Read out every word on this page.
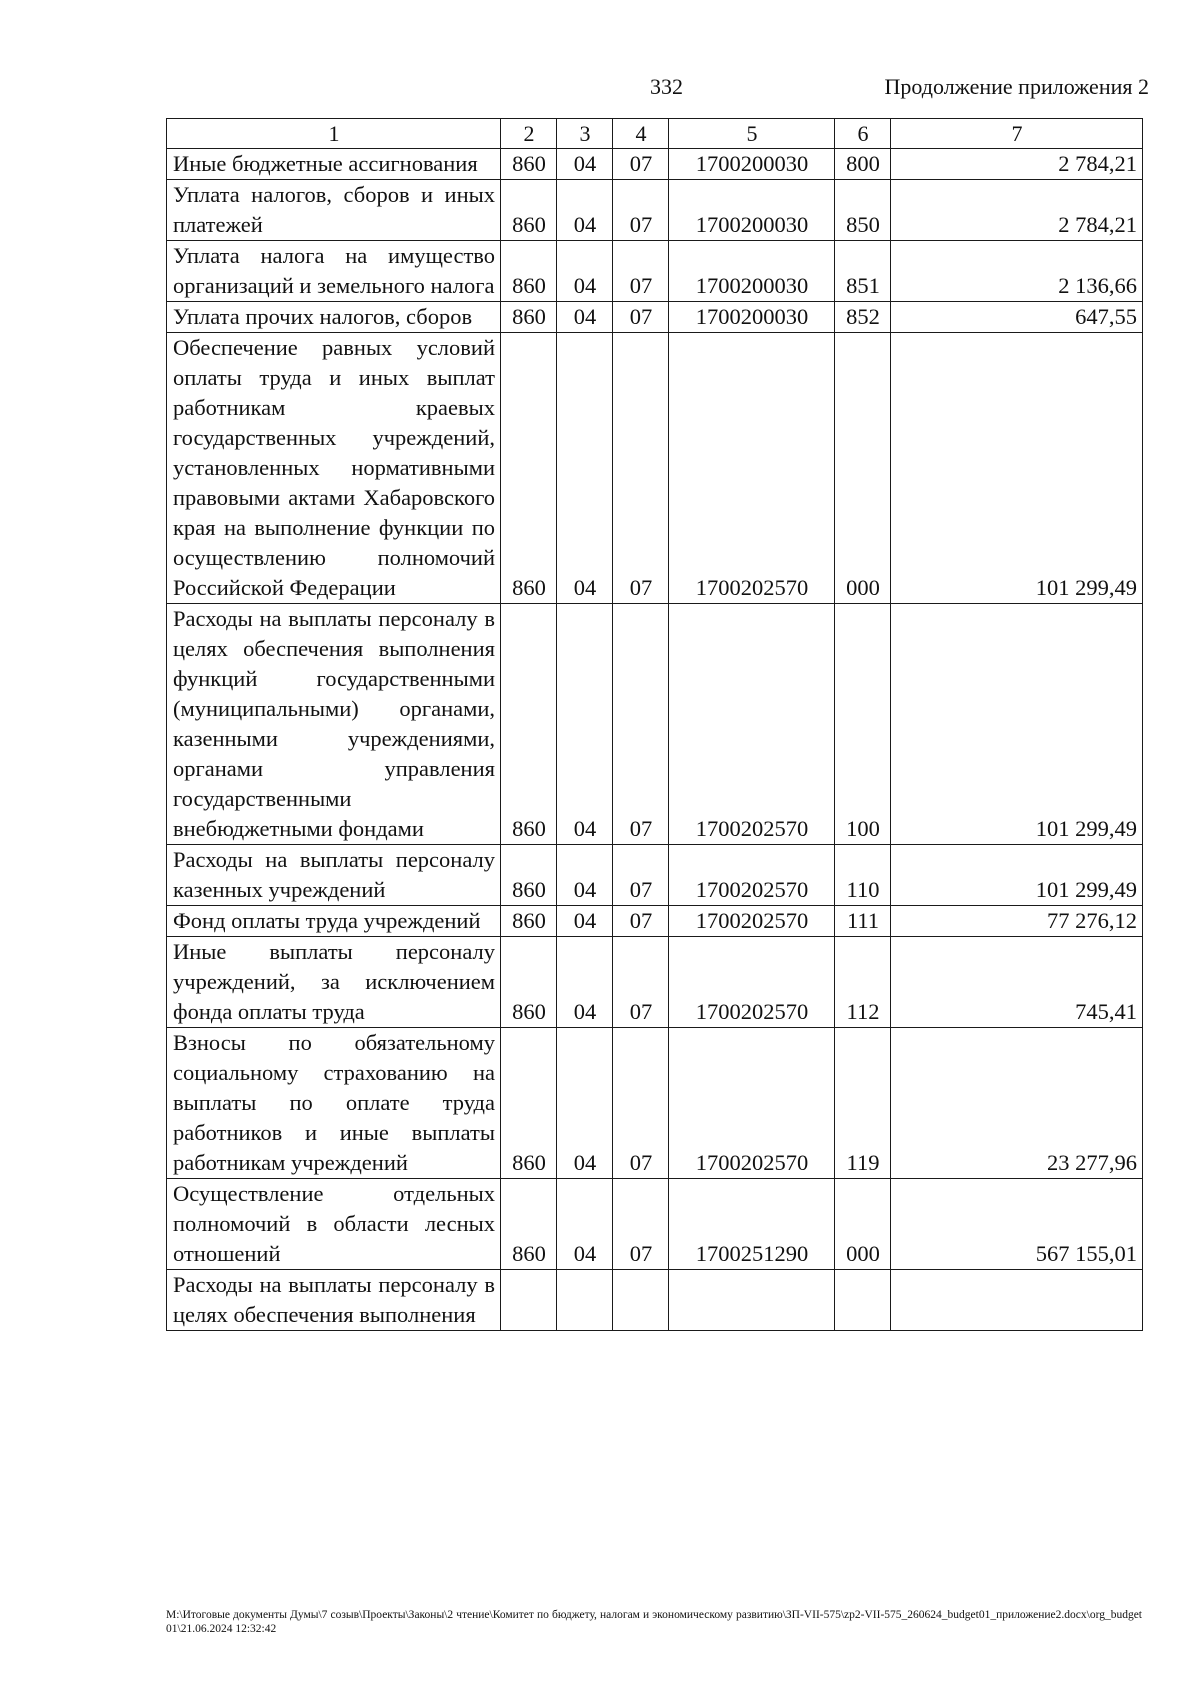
332	Продолжение приложения 2
1	2	3	4	5	6	7
Иные бюджетные ассигнования	860	04	07	1700200030	800	2 784,21
Уплата налогов, сборов и иных платежей	860	04	07	1700200030	850	2 784,21
Уплата налога на имущество организаций и земельного налога	860	04	07	1700200030	851	2 136,66
Уплата прочих налогов, сборов	860	04	07	1700200030	852	647,55
Обеспечение равных условий оплаты труда и иных выплат работникам краевых государственных учреждений, установленных нормативными правовыми актами Хабаровского края на выполнение функции по осуществлению полномочий Российской Федерации	860	04	07	1700202570	000	101 299,49
Расходы на выплаты персоналу в целях обеспечения выполнения функций государственными (муниципальными) органами, казенными учреждениями, органами управления государственными внебюджетными фондами	860	04	07	1700202570	100	101 299,49
Расходы на выплаты персоналу казенных учреждений	860	04	07	1700202570	110	101 299,49
Фонд оплаты труда учреждений	860	04	07	1700202570	111	77 276,12
Иные выплаты персоналу учреждений, за исключением фонда оплаты труда	860	04	07	1700202570	112	745,41
Взносы по обязательному социальному страхованию на выплаты по оплате труда работников и иные выплаты работникам учреждений	860	04	07	1700202570	119	23 277,96
Осуществление отдельных полномочий в области лесных отношений	860	04	07	1700251290	000	567 155,01
Расходы на выплаты персоналу в целях обеспечения выполнения						
M:\Итоговые документы Думы\7 созыв\Проекты\Законы\2 чтение\Комитет по бюджету, налогам и экономическому развитию\ЗП-VII-575\zp2-VII-575_260624_budget01_приложение2.docx\org_budget01\21.06.2024 12:32:42
